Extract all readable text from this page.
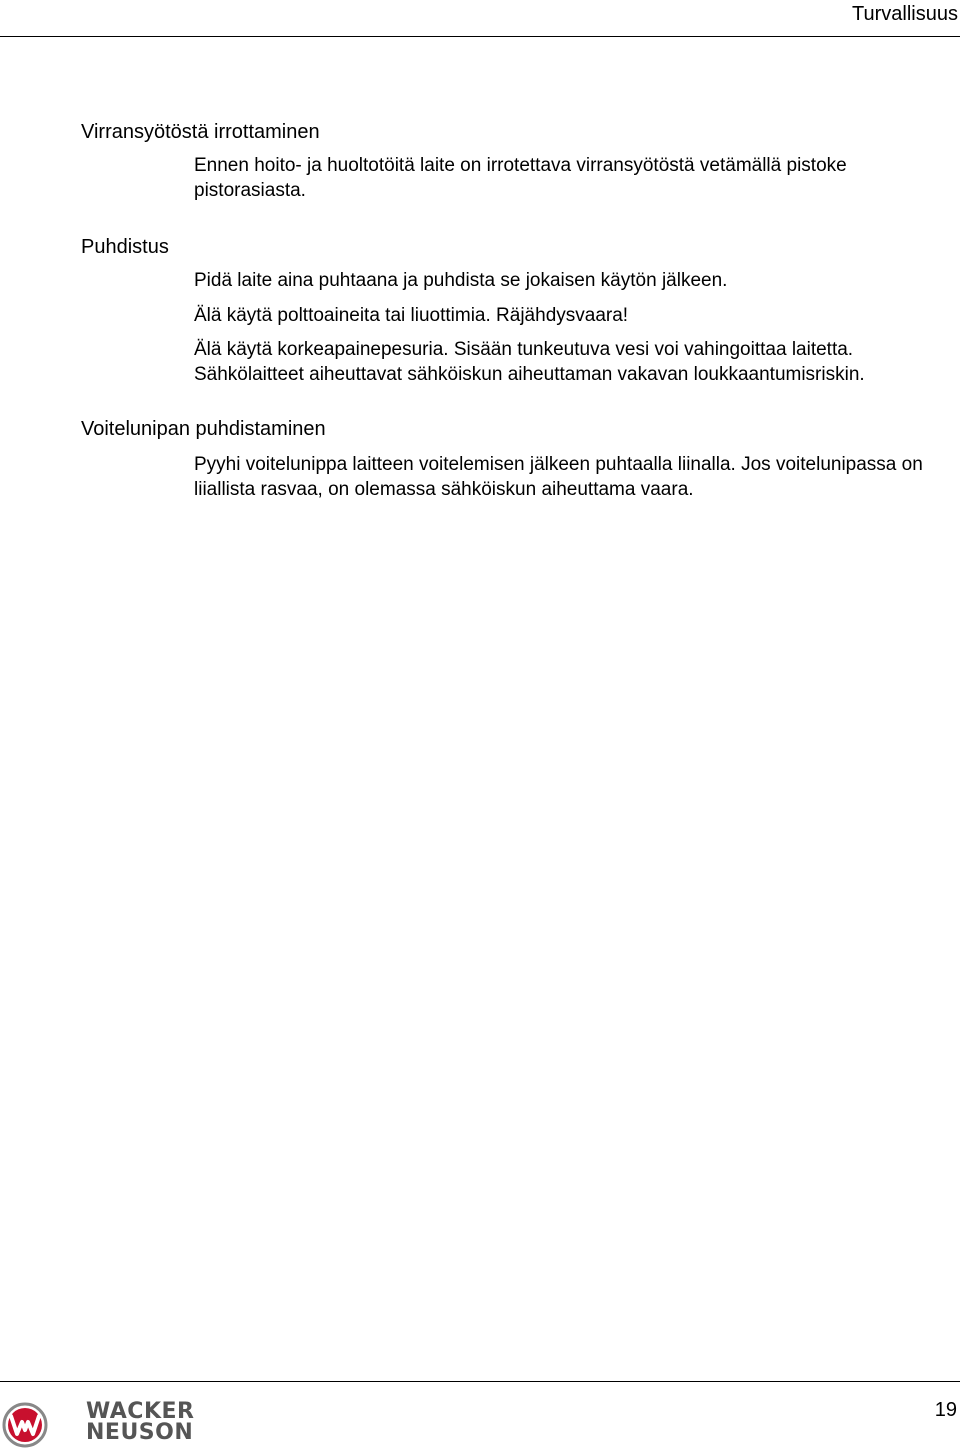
Turvallisuus
Virransyötöstä irrottaminen

Ennen hoito- ja huoltotöitä laite on irrotettava virransyötöstä vetämällä pistoke pistorasiasta.

Puhdistus

Pidä laite aina puhtaana ja puhdista se jokaisen käytön jälkeen.

Älä käytä polttoaineita tai liuottimia. Räjähdysvaara!

Älä käytä korkeapainepesuria. Sisään tunkeutuva vesi voi vahingoittaa laitetta. Sähkölaitteet aiheuttavat sähköiskun aiheuttaman vakavan loukkaantumisriskin.

Voitelunipan puhdistaminen

Pyyhi voitelunippa laitteen voitelemisen jälkeen puhtaalla liinalla. Jos voitelunipassa on liiallista rasvaa, on olemassa sähköiskun aiheuttama vaara.

WACKER
NEUSON
19
